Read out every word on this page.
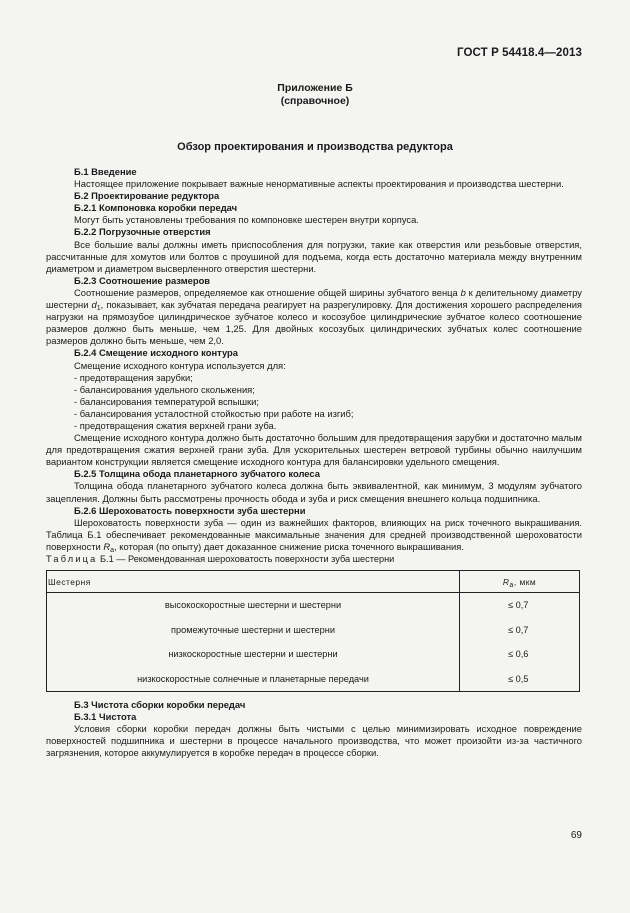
ГОСТ Р 54418.4—2013
Приложение Б
(справочное)
Обзор проектирования и производства редуктора

Б.1 Введение

Настоящее приложение покрывает важные ненормативные аспекты проектирования и производства шестерни.

Б.2 Проектирование редуктора

Б.2.1 Компоновка коробки передач

Могут быть установлены требования по компоновке шестерен внутри корпуса.

Б.2.2 Погрузочные отверстия

Все большие валы должны иметь приспособления для погрузки, такие как отверстия или резьбовые отверстия, рассчитанные для хомутов или болтов с проушиной для подъема, когда есть достаточно материала между внутренним диаметром и диаметром высверленного отверстия шестерни.

Б.2.3 Соотношение размеров

Соотношение размеров, определяемое как отношение общей ширины зубчатого венца b к делительному диаметру шестерни $d_1$, показывает, как зубчатая передача реагирует на разрегулировку. Для достижения хорошего распределения нагрузки на прямозубое цилиндрическое зубчатое колесо и косозубое цилиндрические зубчатое колесо соотношение размеров должно быть меньше, чем 1,25. Для двойных косозубых цилиндрических зубчатых колес соотношение размеров должно быть меньше, чем 2,0.

Б.2.4 Смещение исходного контура

Смещение исходного контура используется для:

- предотвращения зарубки;

- балансирования удельного скольжения;

- балансирования температурой вспышки;

- балансирования усталостной стойкостью при работе на изгиб;

- предотвращения сжатия верхней грани зуба.

Смещение исходного контура должно быть достаточно большим для предотвращения зарубки и достаточно малым для предотвращения сжатия верхней грани зуба. Для ускорительных шестерен ветровой турбины обычно наилучшим вариантом конструкции является смещение исходного контура для балансировки удельного смещения.

Б.2.5 Толщина обода планетарного зубчатого колеса

Толщина обода планетарного зубчатого колеса должна быть эквивалентной, как минимум, 3 модулям зубчатого зацепления. Должны быть рассмотрены прочность обода и зуба и риск смещения внешнего кольца подшипника.

Б.2.6 Шероховатость поверхности зуба шестерни

Шероховатость поверхности зуба — один из важнейших факторов, влияющих на риск точечного выкрашивания. Таблица Б.1 обеспечивает рекомендованные максимальные значения для средней производственной шероховатости поверхности $R_a$, которая (по опыту) дает доказанное снижение риска точечного выкрашивания.

Таблица Б.1 — Рекомендованная шероховатость поверхности зуба шестерни

Шестерня	$R_a$, мкм
высокоскоростные шестерни и шестерни	≤ 0,7
промежуточные шестерни и шестерни	≤ 0,7
низкоскоростные шестерни и шестерни	≤ 0,6
низкоскоростные солнечные и планетарные передачи	≤ 0,5

Б.3 Чистота сборки коробки передач

Б.3.1 Чистота

Условия сборки коробки передач должны быть чистыми с целью минимизировать исходное повреждение поверхностей подшипника и шестерни в процессе начального производства, что может произойти из-за частичного загрязнения, которое аккумулируется в коробке передач в процессе сборки.

69
